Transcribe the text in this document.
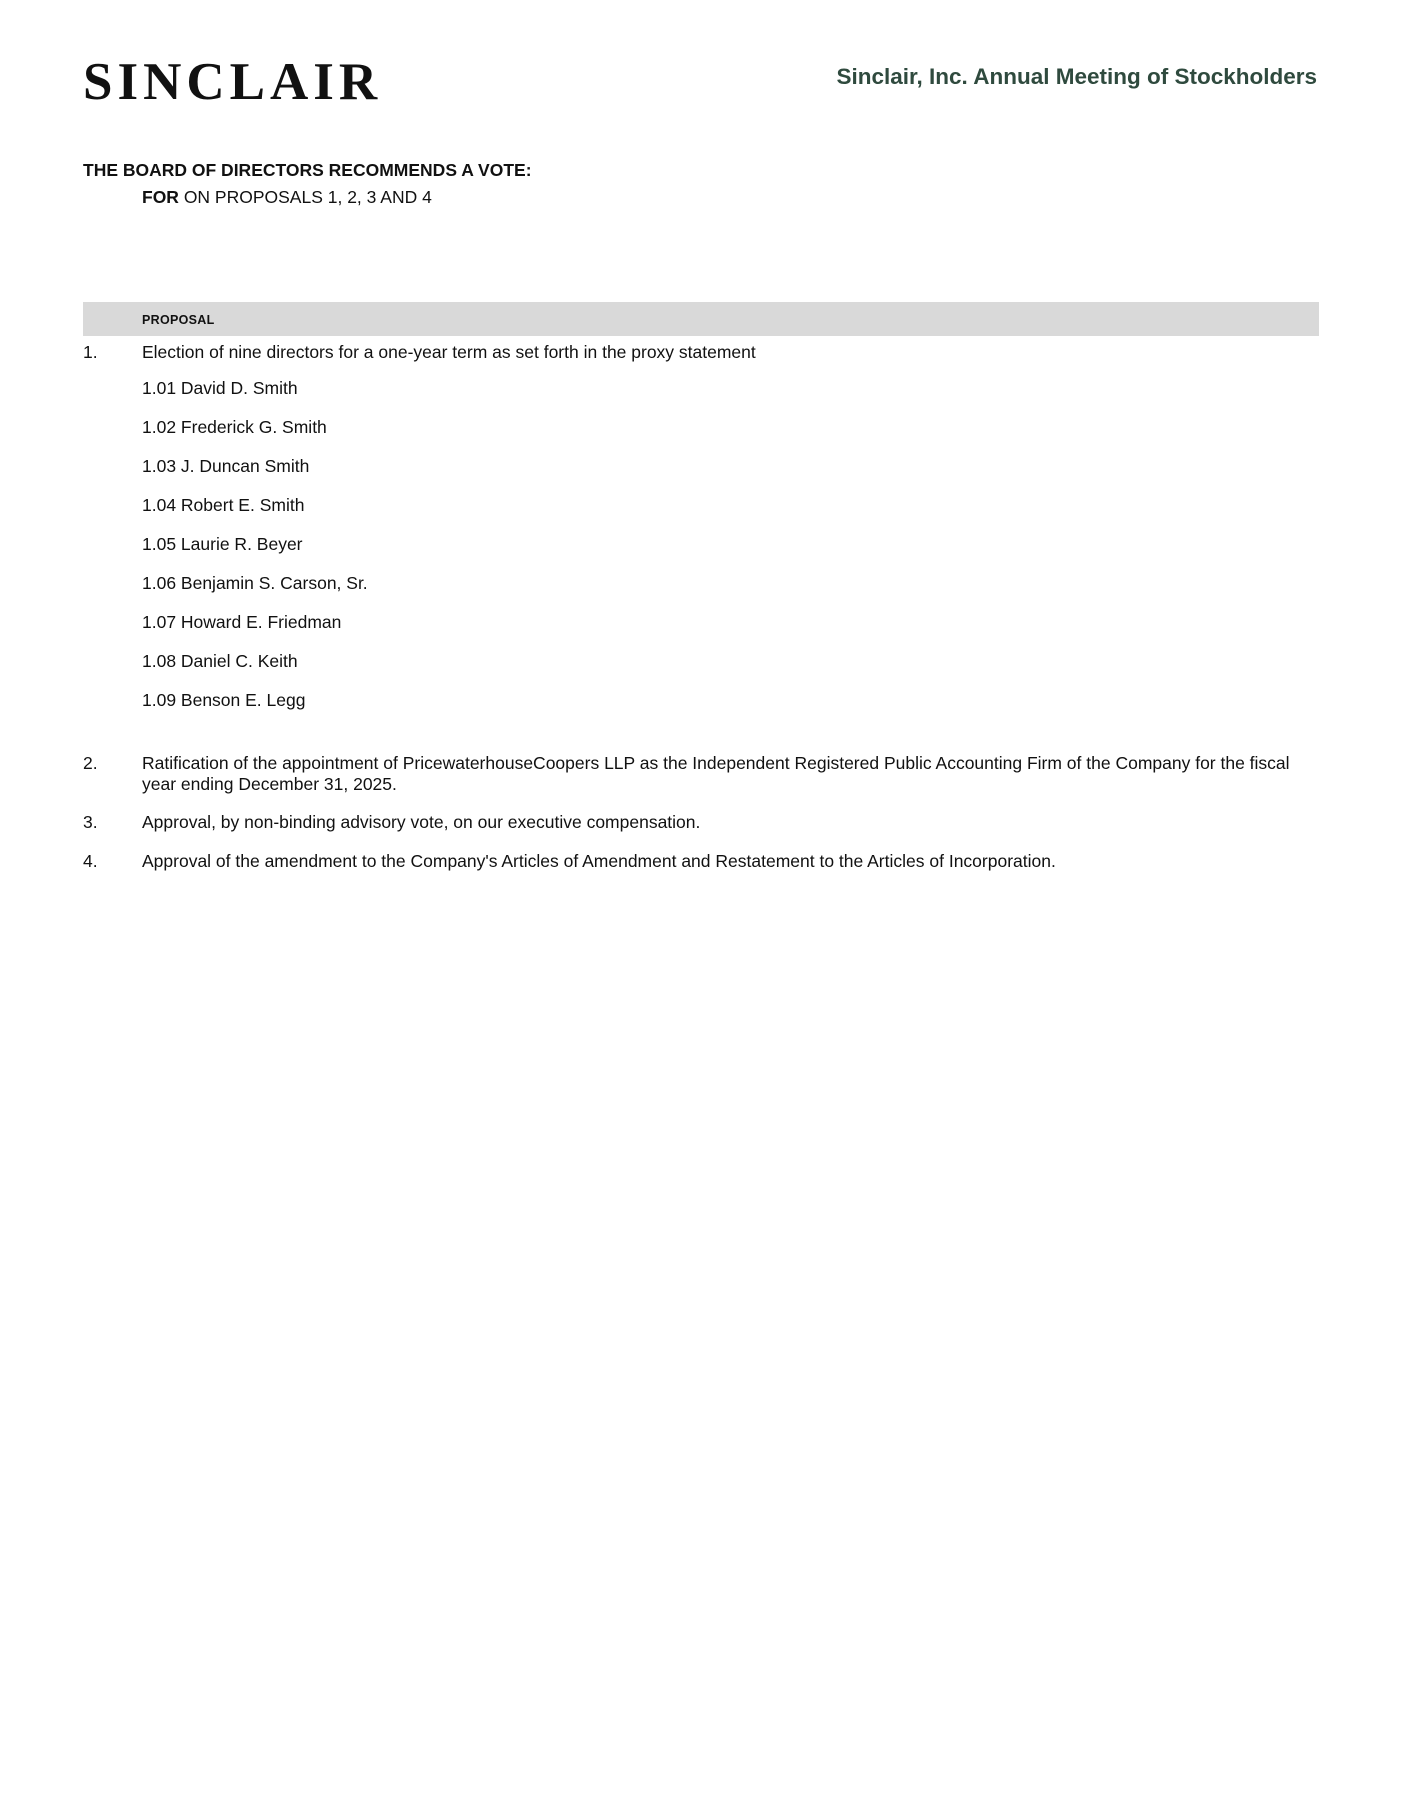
SINCLAIR	Sinclair, Inc. Annual Meeting of Stockholders
THE BOARD OF DIRECTORS RECOMMENDS A VOTE:
FOR ON PROPOSALS 1, 2, 3 AND 4
PROPOSAL
1.	Election of nine directors for a one-year term as set forth in the proxy statement
1.01 David D. Smith
1.02 Frederick G. Smith
1.03 J. Duncan Smith
1.04 Robert E. Smith
1.05 Laurie R. Beyer
1.06 Benjamin S. Carson, Sr.
1.07 Howard E. Friedman
1.08 Daniel C. Keith
1.09 Benson E. Legg
2.	Ratification of the appointment of PricewaterhouseCoopers LLP as the Independent Registered Public Accounting Firm of the Company for the fiscal year ending December 31, 2025.
3.	Approval, by non-binding advisory vote, on our executive compensation.
4.	Approval of the amendment to the Company's Articles of Amendment and Restatement to the Articles of Incorporation.
